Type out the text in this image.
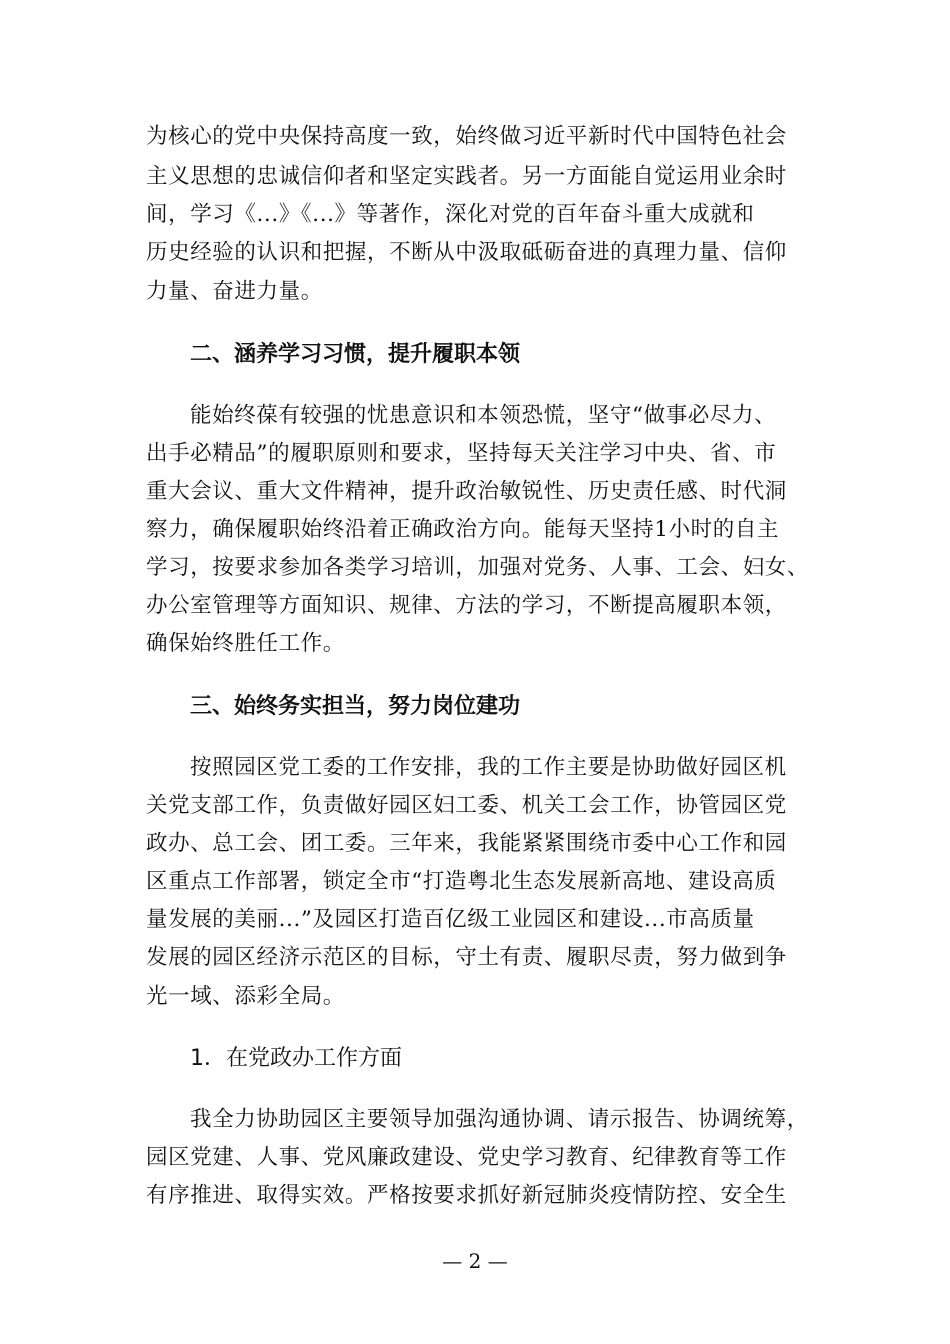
为核心的党中央保持高度一致，始终做习近平新时代中国特色社会
主义思想的忠诚信仰者和坚定实践者。另一方面能自觉运用业余时
间，学习《...》《...》等著作，深化对党的百年奋斗重大成就和
历史经验的认识和把握，不断从中汲取砥砺奋进的真理力量、信仰
力量、奋进力量。
二、涵养学习习惯，提升履职本领
能始终葆有较强的忧患意识和本领恐慌，坚守“做事必尽力、
出手必精品”的履职原则和要求，坚持每天关注学习中央、省、市
重大会议、重大文件精神，提升政治敏锐性、历史责任感、时代洞
察力，确保履职始终沿着正确政治方向。能每天坚持1小时的自主
学习，按要求参加各类学习培训，加强对党务、人事、工会、妇女、
办公室管理等方面知识、规律、方法的学习，不断提高履职本领，
确保始终胜任工作。
三、始终务实担当，努力岗位建功
按照园区党工委的工作安排，我的工作主要是协助做好园区机
关党支部工作，负责做好园区妇工委、机关工会工作，协管园区党
政办、总工会、团工委。三年来，我能紧紧围绕市委中心工作和园
区重点工作部署，锁定全市“打造粤北生态发展新高地、建设高质
量发展的美丽...”及园区打造百亿级工业园区和建设...市高质量
发展的园区经济示范区的目标，守土有责、履职尽责，努力做到争
光一域、添彩全局。
1．在党政办工作方面
我全力协助园区主要领导加强沟通协调、请示报告、协调统筹，
园区党建、人事、党风廉政建设、党史学习教育、纪律教育等工作
有序推进、取得实效。严格按要求抓好新冠肺炎疫情防控、安全生
— 2 —
